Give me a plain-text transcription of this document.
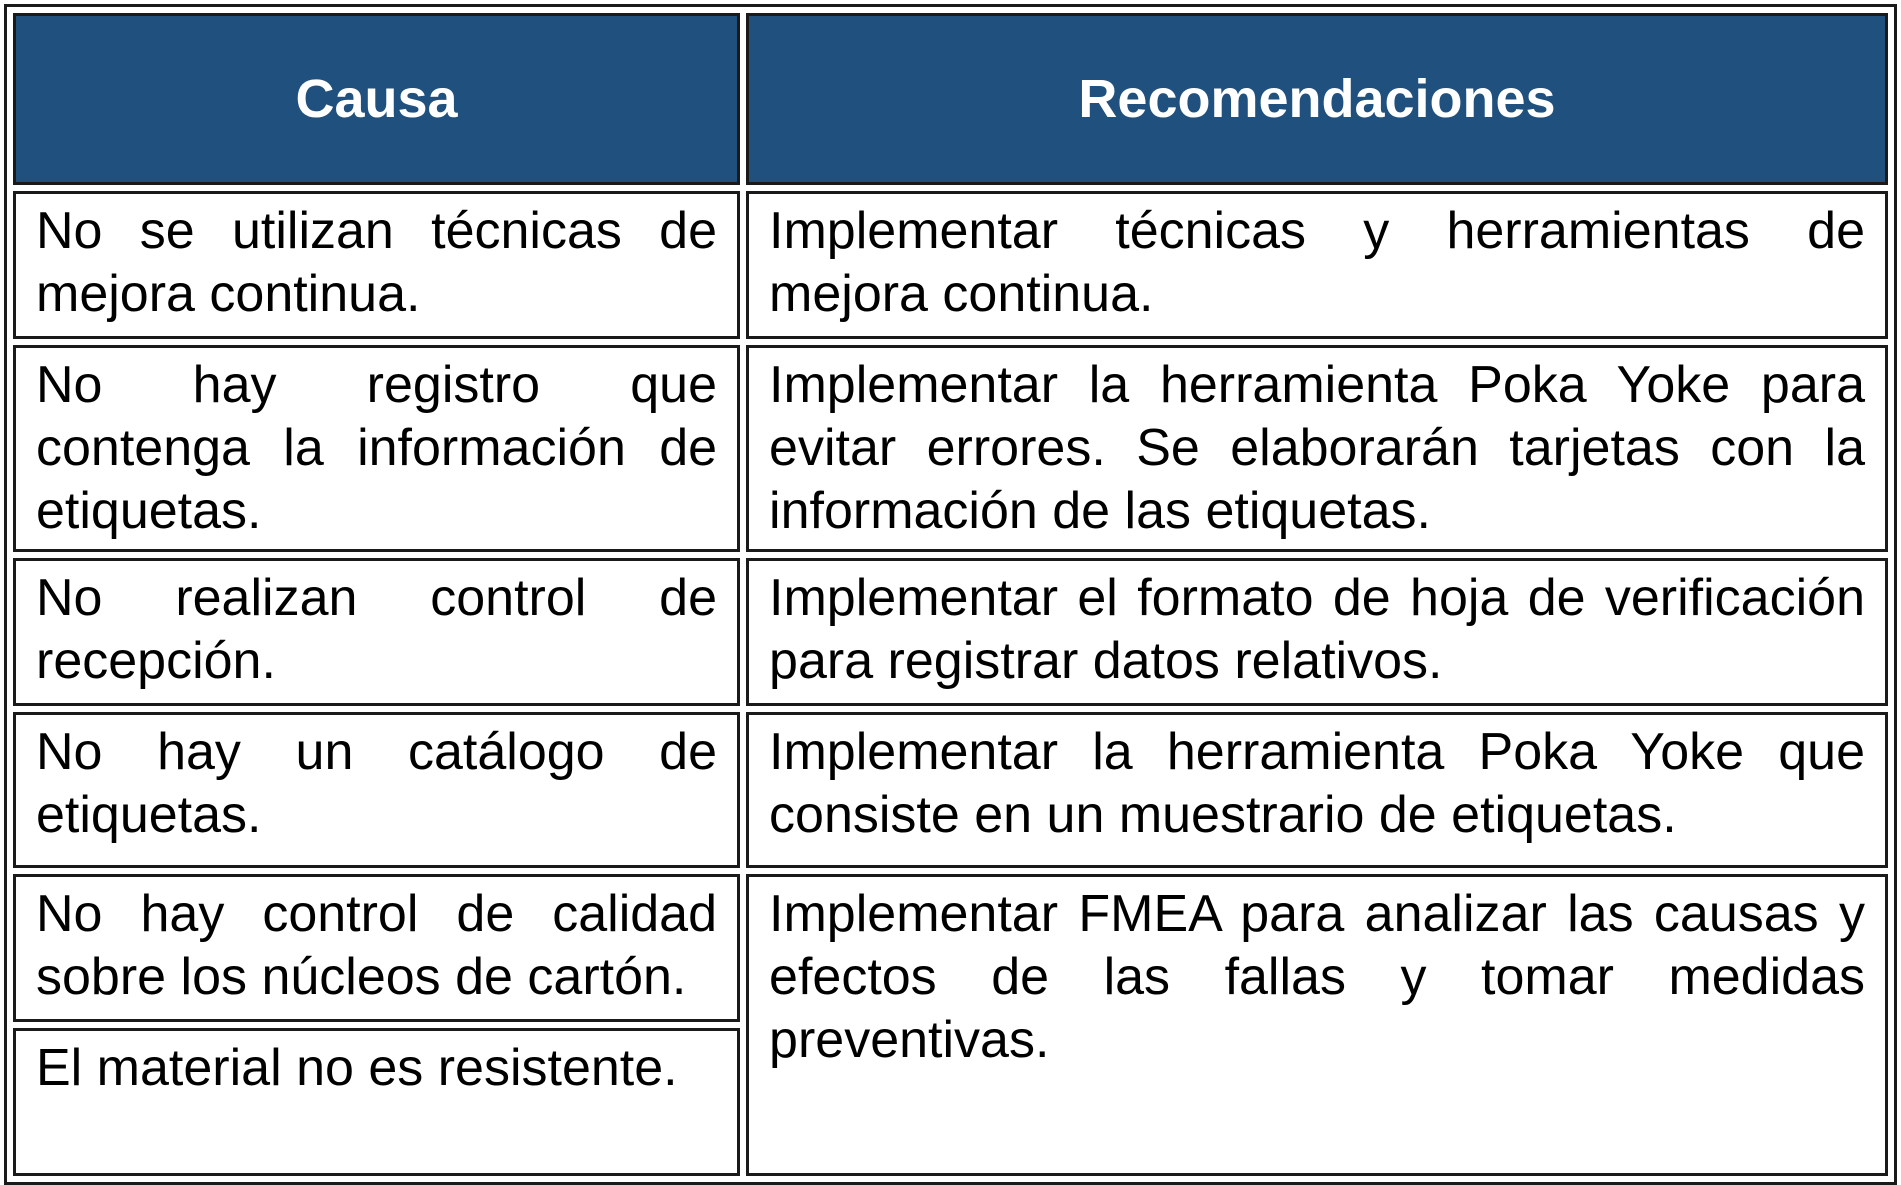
Causa	Recomendaciones
No se utilizan técnicas de mejora continua.	Implementar técnicas y herramientas de mejora continua.
No hay registro que contenga la información de etiquetas.	Implementar la herramienta Poka Yoke para evitar errores. Se elaborarán tarjetas con la información de las etiquetas.
No realizan control de recepción.	Implementar el formato de hoja de verificación para registrar datos relativos.
No hay un catálogo de etiquetas.	Implementar la herramienta Poka Yoke que consiste en un muestrario de etiquetas.
No hay control de calidad sobre los núcleos de cartón.	Implementar FMEA para analizar las causas y efectos de las fallas y tomar medidas preventivas.
El material no es resistente.	
